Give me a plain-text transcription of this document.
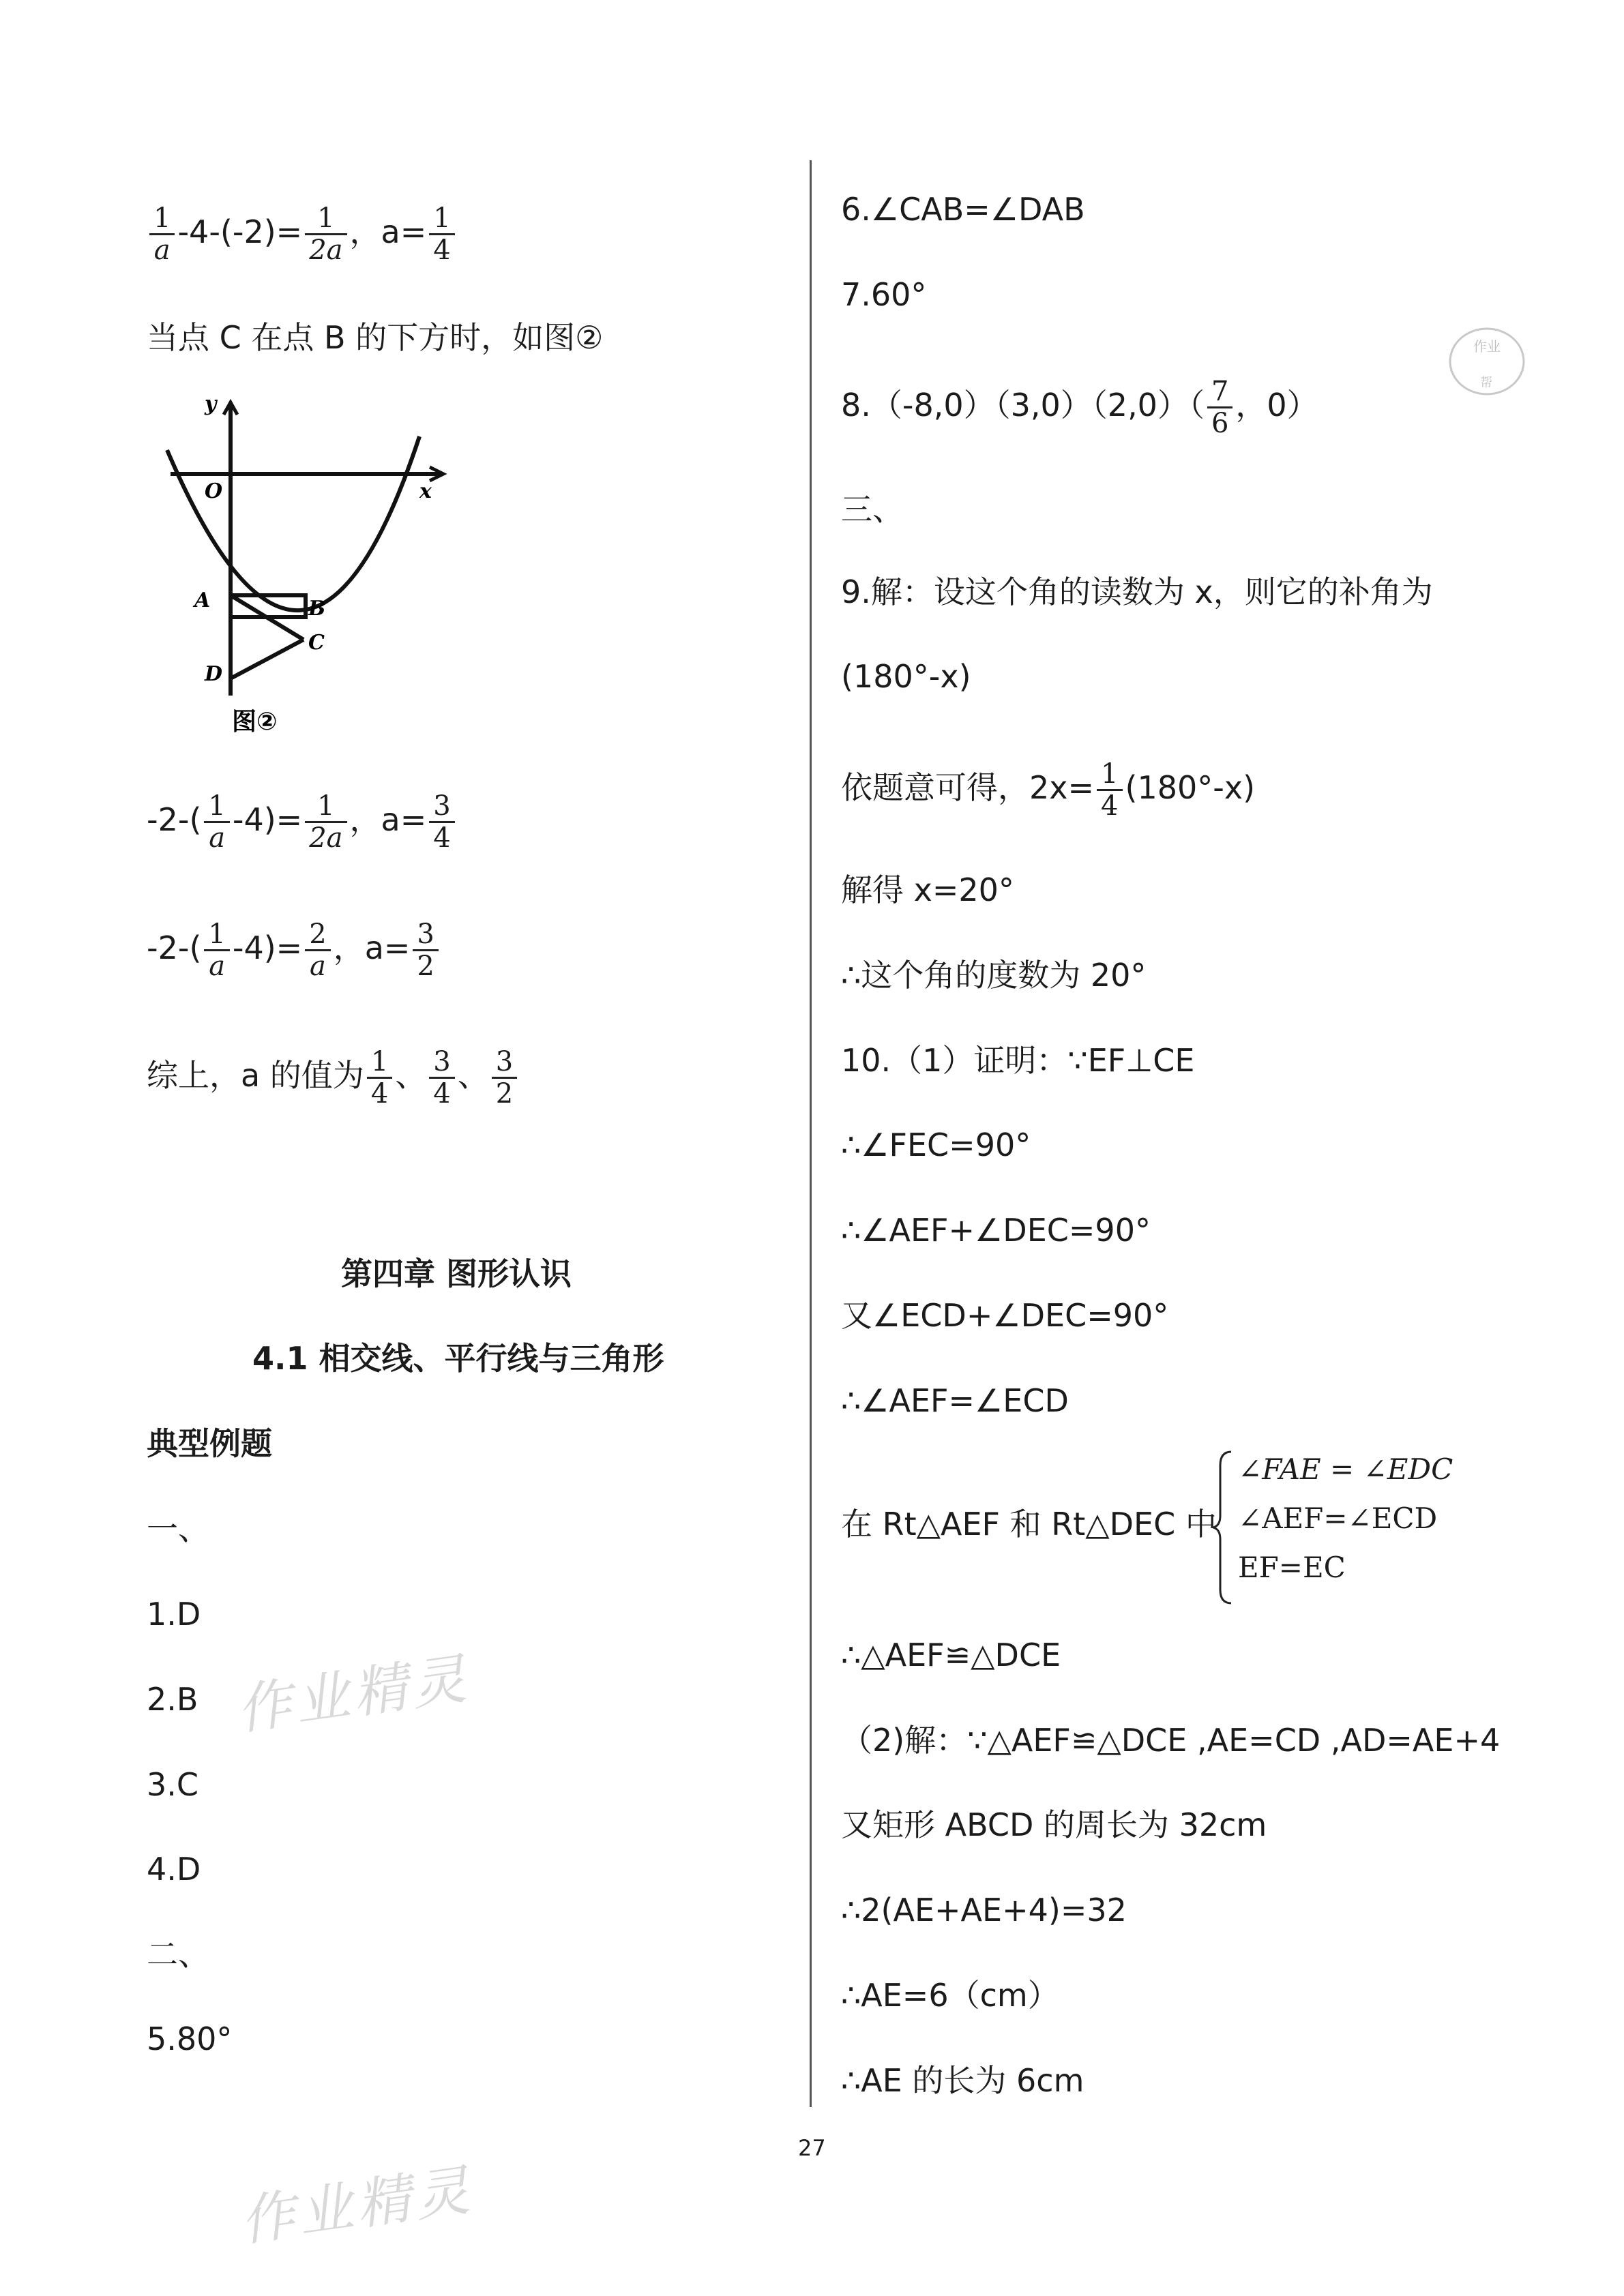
$\frac{1}{a} -4-(-2)= \frac{1}{2a}$ ，$a= \frac{1}{4}$
当点 C 在点 B 的下方时，如图②
y
O	x
A	B
C
D
图②
$-2-( \frac{1}{a} -4)= \frac{1}{2a}$ ，$a= \frac{3}{4}$
$-2-( \frac{1}{a} -4)= \frac{2}{a}$ ，$a= \frac{3}{2}$
综上，a 的值为 $\frac{1}{4}$ 、 $\frac{3}{4}$ 、 $\frac{3}{2}$
第四章 图形认识
4.1 相交线、平行线与三角形
典型例题
一、
1.D
2.B
3.C
4.D
二、
5.80°
6.∠CAB=∠DAB
7.60°
$8.(-8,0)(3,0)(2,0)( \frac{7}{6}$ ，0）
三、
9.解：设这个角的读数为 x，则它的补角为
(180°-x)
依题意可得，$2x= \frac{1}{4} (180^\circ-x)$
解得 x=20°
∴这个角的度数为 20°
10.（1）证明：∵EF⊥CE
∴∠FEC=90°
∴∠AEF+∠DEC=90°
又∠ECD+∠DEC=90°
∴∠AEF=∠ECD
在 Rt△AEF 和 Rt△DEC 中
∠FAE = ∠EDC
∠AEF=∠ECD
EF=EC
∴△AEF≌△DCE
（2)解：∵△AEF≌△DCE ,AE=CD ,AD=AE+4
又矩形 ABCD 的周长为 32cm
∴2(AE+AE+4)=32
∴AE=6（cm）
∴AE 的长为 6cm
27
作业精灵
作业精灵
作业
帮
